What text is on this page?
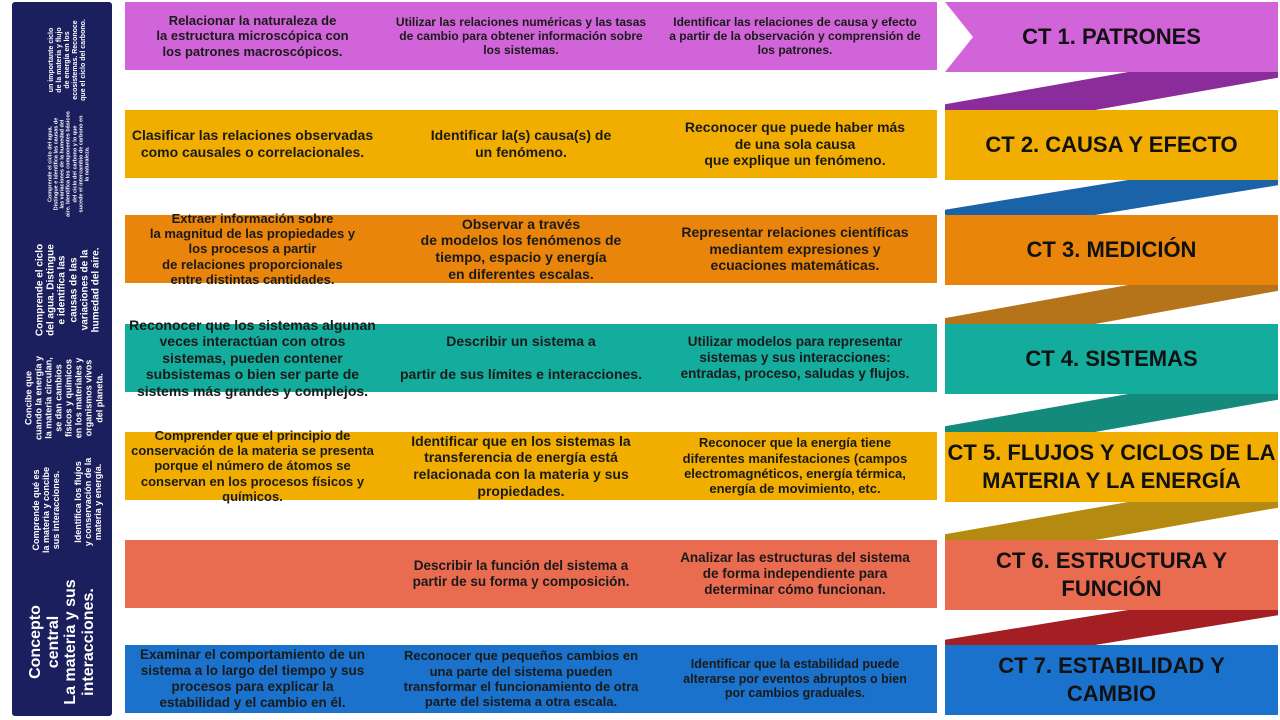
un importante ciclo
de la materia y flujo
de energía en los
ecosistemas. Reconoce
que el ciclo del carbono.
Comprende el ciclo del agua.
Distingue e identifica las causas de
las variaciones de la humedad del
aire. Identifica los componentes básicos
del ciclo del carbono y lo que
sucede el intercambio de carbono en
la naturaleza.
Comprende el ciclo
del agua. Distingue
e identifica las
causas de las
variaciones de la
humedad del aire.
Concibe que
cuando la energía y
la materia circulan,
se dan cambios
físicos y químicos
en los materiales y
organismos vivos
del planeta.
Comprende qué es
la materia y concibe
sus interacciones. Identifica los flujos
y conservación de la
materia y energía.
Concepto
central
La materia y sus
interacciones.
Relacionar la naturaleza de
la estructura microscópica con
los patrones macroscópicos.
Utilizar las relaciones numéricas y las tasas
de cambio para obtener información sobre
los sistemas.
Identificar las relaciones de causa y efecto
a partir de la observación y comprensión de
los patrones.
CT 1. PATRONES
Clasificar las relaciones observadas
como causales o correlacionales.
Identificar la(s) causa(s) de
un fenómeno.
Reconocer que puede haber más
de una sola causa
que explique un fenómeno.
CT 2. CAUSA Y EFECTO
Extraer información sobre
la magnitud de las propiedades y
los procesos a partir
de relaciones proporcionales
entre distintas cantidades.
Observar a través
de modelos los fenómenos de
tiempo, espacio y energía
en diferentes escalas.
Representar relaciones científicas
mediantem expresiones y
ecuaciones matemáticas.
CT 3. MEDICIÓN
Reconocer que los sistemas algunan
veces interactúan con otros
sistemas, pueden contener
subsistemas o bien ser parte de
sistems más grandes y complejos.
Describir un sistema a

partir de sus límites e interacciones.
Utilizar modelos para representar
sistemas y sus interacciones:
entradas, proceso, saludas y flujos.
CT 4. SISTEMAS
Comprender que el principio de
conservación de la materia se presenta
porque el número de átomos se
conservan en los procesos físicos y
químicos.
Identificar que en los sistemas la
transferencia de energía está
relacionada con la materia y sus
propiedades.
Reconocer que la energía tiene
diferentes manifestaciones (campos
electromagnéticos, energía térmica,
energía de movimiento, etc.
CT 5. FLUJOS Y CICLOS DE LA
MATERIA Y LA ENERGÍA
Describir la función del sistema a
partir de su forma y composición.
Analizar las estructuras del sistema
de forma independiente para
determinar cómo funcionan.
CT 6. ESTRUCTURA Y
FUNCIÓN
Examinar el comportamiento de un
sistema a lo largo del tiempo y sus
procesos para explicar la
estabilidad y el cambio en él.
Reconocer que pequeños cambios en
una parte del sistema pueden
transformar el funcionamiento de otra
parte del sistema a otra escala.
Identificar que la estabilidad puede
alterarse por eventos abruptos o bien
por cambios graduales.
CT 7. ESTABILIDAD Y
CAMBIO
